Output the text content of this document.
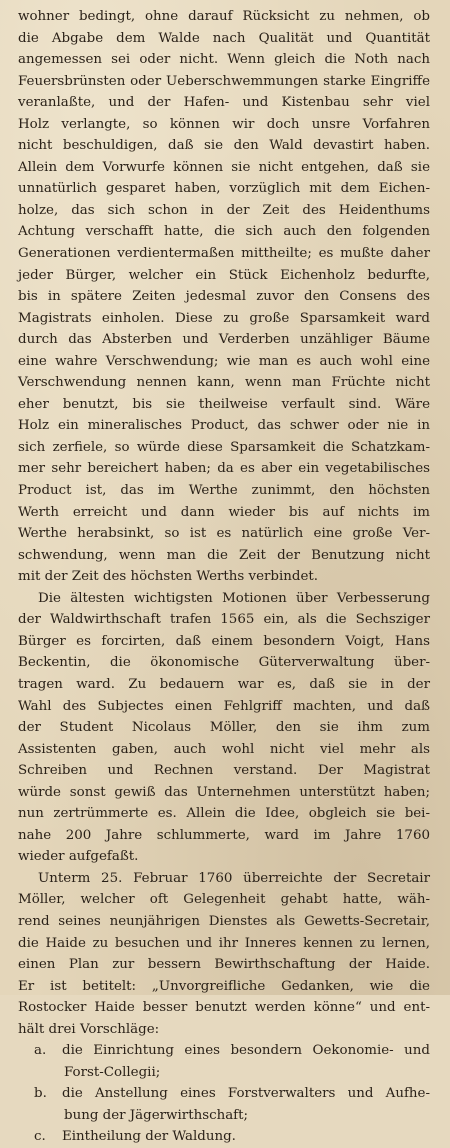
wohner bedingt, ohne darauf Rücksicht zu nehmen, ob
die Abgabe dem Walde nach Qualität und Quantität
angemessen sei oder nicht. Wenn gleich die Noth nach
Feuersbrünsten oder Ueberschwemmungen starke Eingriffe
veranlaßte, und der Hafen- und Kistenbau sehr viel
Holz verlangte, so können wir doch unsre Vorfahren
nicht beschuldigen, daß sie den Wald devastirt haben.
Allein dem Vorwurfe können sie nicht entgehen, daß sie
unnatürlich gesparet haben, vorzüglich mit dem Eichen-
holze, das sich schon in der Zeit des Heidenthums
Achtung verschafft hatte, die sich auch den folgenden
Generationen verdientermaßen mittheilte; es mußte daher
jeder Bürger, welcher ein Stück Eichenholz bedurfte,
bis in spätere Zeiten jedesmal zuvor den Consens des
Magistrats einholen. Diese zu große Sparsamkeit ward
durch das Absterben und Verderben unzähliger Bäume
eine wahre Verschwendung; wie man es auch wohl eine
Verschwendung nennen kann, wenn man Früchte nicht
eher benutzt, bis sie theilweise verfault sind. Wäre
Holz ein mineralisches Product, das schwer oder nie in
sich zerfiele, so würde diese Sparsamkeit die Schatzkam-
mer sehr bereichert haben; da es aber ein vegetabilisches
Product ist, das im Werthe zunimmt, den höchsten
Werth erreicht und dann wieder bis auf nichts im
Werthe herabsinkt, so ist es natürlich eine große Ver-
schwendung, wenn man die Zeit der Benutzung nicht
mit der Zeit des höchsten Werths verbindet.
Die ältesten wichtigsten Motionen über Verbesserung
der Waldwirthschaft trafen 1565 ein, als die Sechsziger
Bürger es forcirten, daß einem besondern Voigt, Hans
Beckentin, die ökonomische Güterverwaltung über-
tragen ward. Zu bedauern war es, daß sie in der
Wahl des Subjectes einen Fehlgriff machten, und daß
der Student Nicolaus Möller, den sie ihm zum
Assistenten gaben, auch wohl nicht viel mehr als
Schreiben und Rechnen verstand. Der Magistrat
würde sonst gewiß das Unternehmen unterstützt haben;
nun zertrümmerte es. Allein die Idee, obgleich sie bei-
nahe 200 Jahre schlummerte, ward im Jahre 1760
wieder aufgefaßt.
Unterm 25. Februar 1760 überreichte der Secretair
Möller, welcher oft Gelegenheit gehabt hatte, wäh-
rend seines neunjährigen Dienstes als Gewetts-Secretair,
die Haide zu besuchen und ihr Inneres kennen zu lernen,
einen Plan zur bessern Bewirthschaftung der Haide.
Er ist betitelt: „Unvorgreifliche Gedanken, wie die
Rostocker Haide besser benutzt werden könne“ und ent-
hält drei Vorschläge:
a.	die Einrichtung eines besondern Oekonomie- und
Forst-Collegii;
b.	die Anstellung eines Forstverwalters und Aufhe-
bung der Jägerwirthschaft;
c.	Eintheilung der Waldung.
